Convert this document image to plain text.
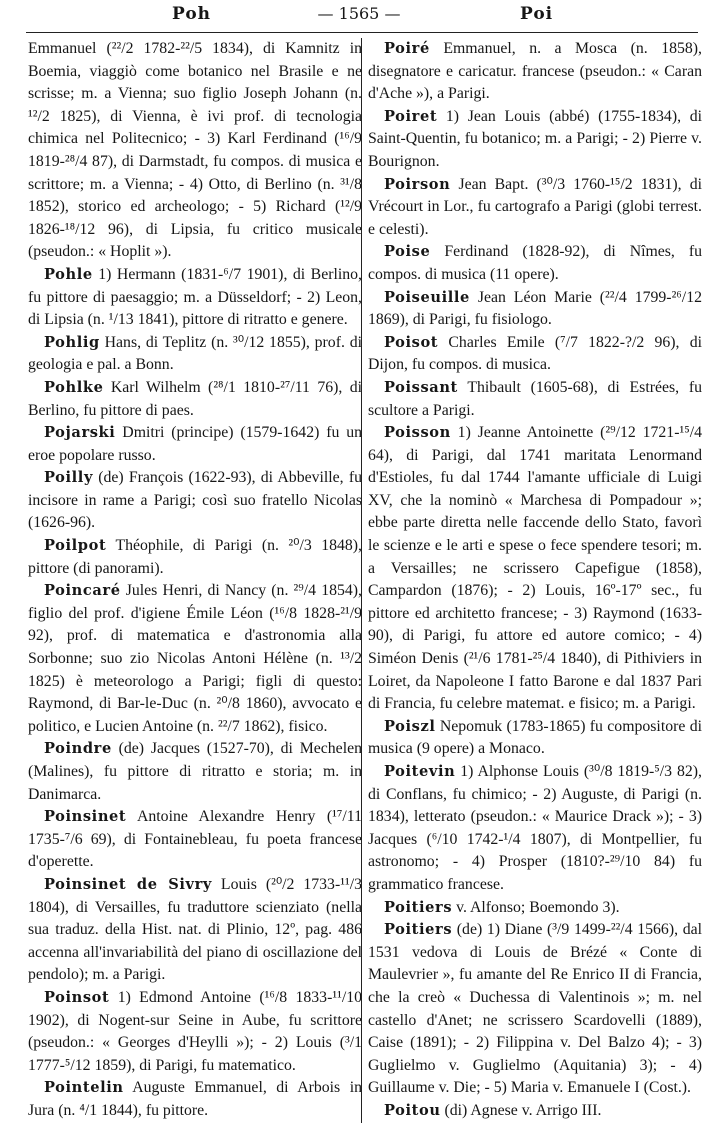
— 1565 —
Poh	Poi

Emmanuel (²²/2 1782-²²/5 1834), di Kamnitz in Boemia, viaggiò come botanico nel Brasile e ne scrisse; m. a Vienna; suo figlio Joseph Johann (n. ¹²/2 1825), di Vienna, è ivi prof. di tecnologia chimica nel Politecnico; - 3) Karl Ferdinand (¹⁶/9 1819-²⁸/4 87), di Darmstadt, fu compos. di musica e scrittore; m. a Vienna; - 4) Otto, di Berlino (n. ³¹/8 1852), storico ed archeologo; - 5) Richard (¹²/9 1826-¹⁸/12 96), di Lipsia, fu critico musicale (pseudon.: « Hoplit »).

Pohle 1) Hermann (1831-⁶/7 1901), di Berlino, fu pittore di paesaggio; m. a Düsseldorf; - 2) Leon, di Lipsia (n. ¹/13 1841), pittore di ritratto e genere.

Pohlig Hans, di Teplitz (n. ³⁰/12 1855), prof. di geologia e pal. a Bonn.

Pohlke Karl Wilhelm (²⁸/1 1810-²⁷/11 76), di Berlino, fu pittore di paes.

Pojarski Dmitri (principe) (1579-1642) fu un eroe popolare russo.

Poilly (de) François (1622-93), di Abbeville, fu incisore in rame a Parigi; così suo fratello Nicolas (1626-96).

Poilpot Théophile, di Parigi (n. ²⁰/3 1848), pittore (di panorami).

Poincaré Jules Henri, di Nancy (n. ²⁹/4 1854), figlio del prof. d'igiene Émile Léon (¹⁶/8 1828-²¹/9 92), prof. di matematica e d'astronomia alla Sorbonne; suo zio Nicolas Antoni Hélène (n. ¹³/2 1825) è meteorologo a Parigi; figli di questo: Raymond, di Bar-le-Duc (n. ²⁰/8 1860), avvocato e politico, e Lucien Antoine (n. ²²/7 1862), fisico.

Poindre (de) Jacques (1527-70), di Mechelen (Malines), fu pittore di ritratto e storia; m. in Danimarca.

Poinsinet Antoine Alexandre Henry (¹⁷/11 1735-⁷/6 69), di Fontainebleau, fu poeta francese d'operette.

Poinsinet de Sivry Louis (²⁰/2 1733-¹¹/3 1804), di Versailles, fu traduttore scienziato (nella sua traduz. della Hist. nat. di Plinio, 12º, pag. 486 accenna all'invariabilità del piano di oscillazione del pendolo); m. a Parigi.

Poinsot 1) Edmond Antoine (¹⁶/8 1833-¹¹/10 1902), di Nogent-sur Seine in Aube, fu scrittore (pseudon.: « Georges d'Heylli »); - 2) Louis (³/1 1777-⁵/12 1859), di Parigi, fu matematico.

Pointelin Auguste Emmanuel, di Arbois in Jura (n. ⁴/1 1844), fu pittore.

Poiré Emmanuel, n. a Mosca (n. 1858), disegnatore e caricatur. francese (pseudon.: « Caran d'Ache »), a Parigi.

Poiret 1) Jean Louis (abbé) (1755-1834), di Saint-Quentin, fu botanico; m. a Parigi; - 2) Pierre v. Bourignon.

Poirson Jean Bapt. (³⁰/3 1760-¹⁵/2 1831), di Vrécourt in Lor., fu cartografo a Parigi (globi terrest. e celesti).

Poise Ferdinand (1828-92), di Nîmes, fu compos. di musica (11 opere).

Poiseuille Jean Léon Marie (²²/4 1799-²⁶/12 1869), di Parigi, fu fisiologo.

Poisot Charles Emile (⁷/7 1822-?/2 96), di Dijon, fu compos. di musica.

Poissant Thibault (1605-68), di Estrées, fu scultore a Parigi.

Poisson 1) Jeanne Antoinette (²⁹/12 1721-¹⁵/4 64), di Parigi, dal 1741 maritata Lenormand d'Estioles, fu dal 1744 l'amante ufficiale di Luigi XV, che la nominò « Marchesa di Pompadour »; ebbe parte diretta nelle faccende dello Stato, favorì le scienze e le arti e spese o fece spendere tesori; m. a Versailles; ne scrissero Capefigue (1858), Campardon (1876); - 2) Louis, 16º-17º sec., fu pittore ed architetto francese; - 3) Raymond (1633-90), di Parigi, fu attore ed autore comico; - 4) Siméon Denis (²¹/6 1781-²⁵/4 1840), di Pithiviers in Loiret, da Napoleone I fatto Barone e dal 1837 Pari di Francia, fu celebre matemat. e fisico; m. a Parigi.

Poiszl Nepomuk (1783-1865) fu compositore di musica (9 opere) a Monaco.

Poitevin 1) Alphonse Louis (³⁰/8 1819-⁵/3 82), di Conflans, fu chimico; - 2) Auguste, di Parigi (n. 1834), letterato (pseudon.: « Maurice Drack »); - 3) Jacques (⁶/10 1742-¹/4 1807), di Montpellier, fu astronomo; - 4) Prosper (1810?-²⁹/10 84) fu grammatico francese.

Poitiers v. Alfonso; Boemondo 3).

Poitiers (de) 1) Diane (³/9 1499-²²/4 1566), dal 1531 vedova di Louis de Brézé « Conte di Maulevrier », fu amante del Re Enrico II di Francia, che la creò « Duchessa di Valentinois »; m. nel castello d'Anet; ne scrissero Scardovelli (1889), Caise (1891); - 2) Filippina v. Del Balzo 4); - 3) Guglielmo v. Guglielmo (Aquitania) 3); - 4) Guillaume v. Die; - 5) Maria v. Emanuele I (Cost.).

Poitou (di) Agnese v. Arrigo III.
